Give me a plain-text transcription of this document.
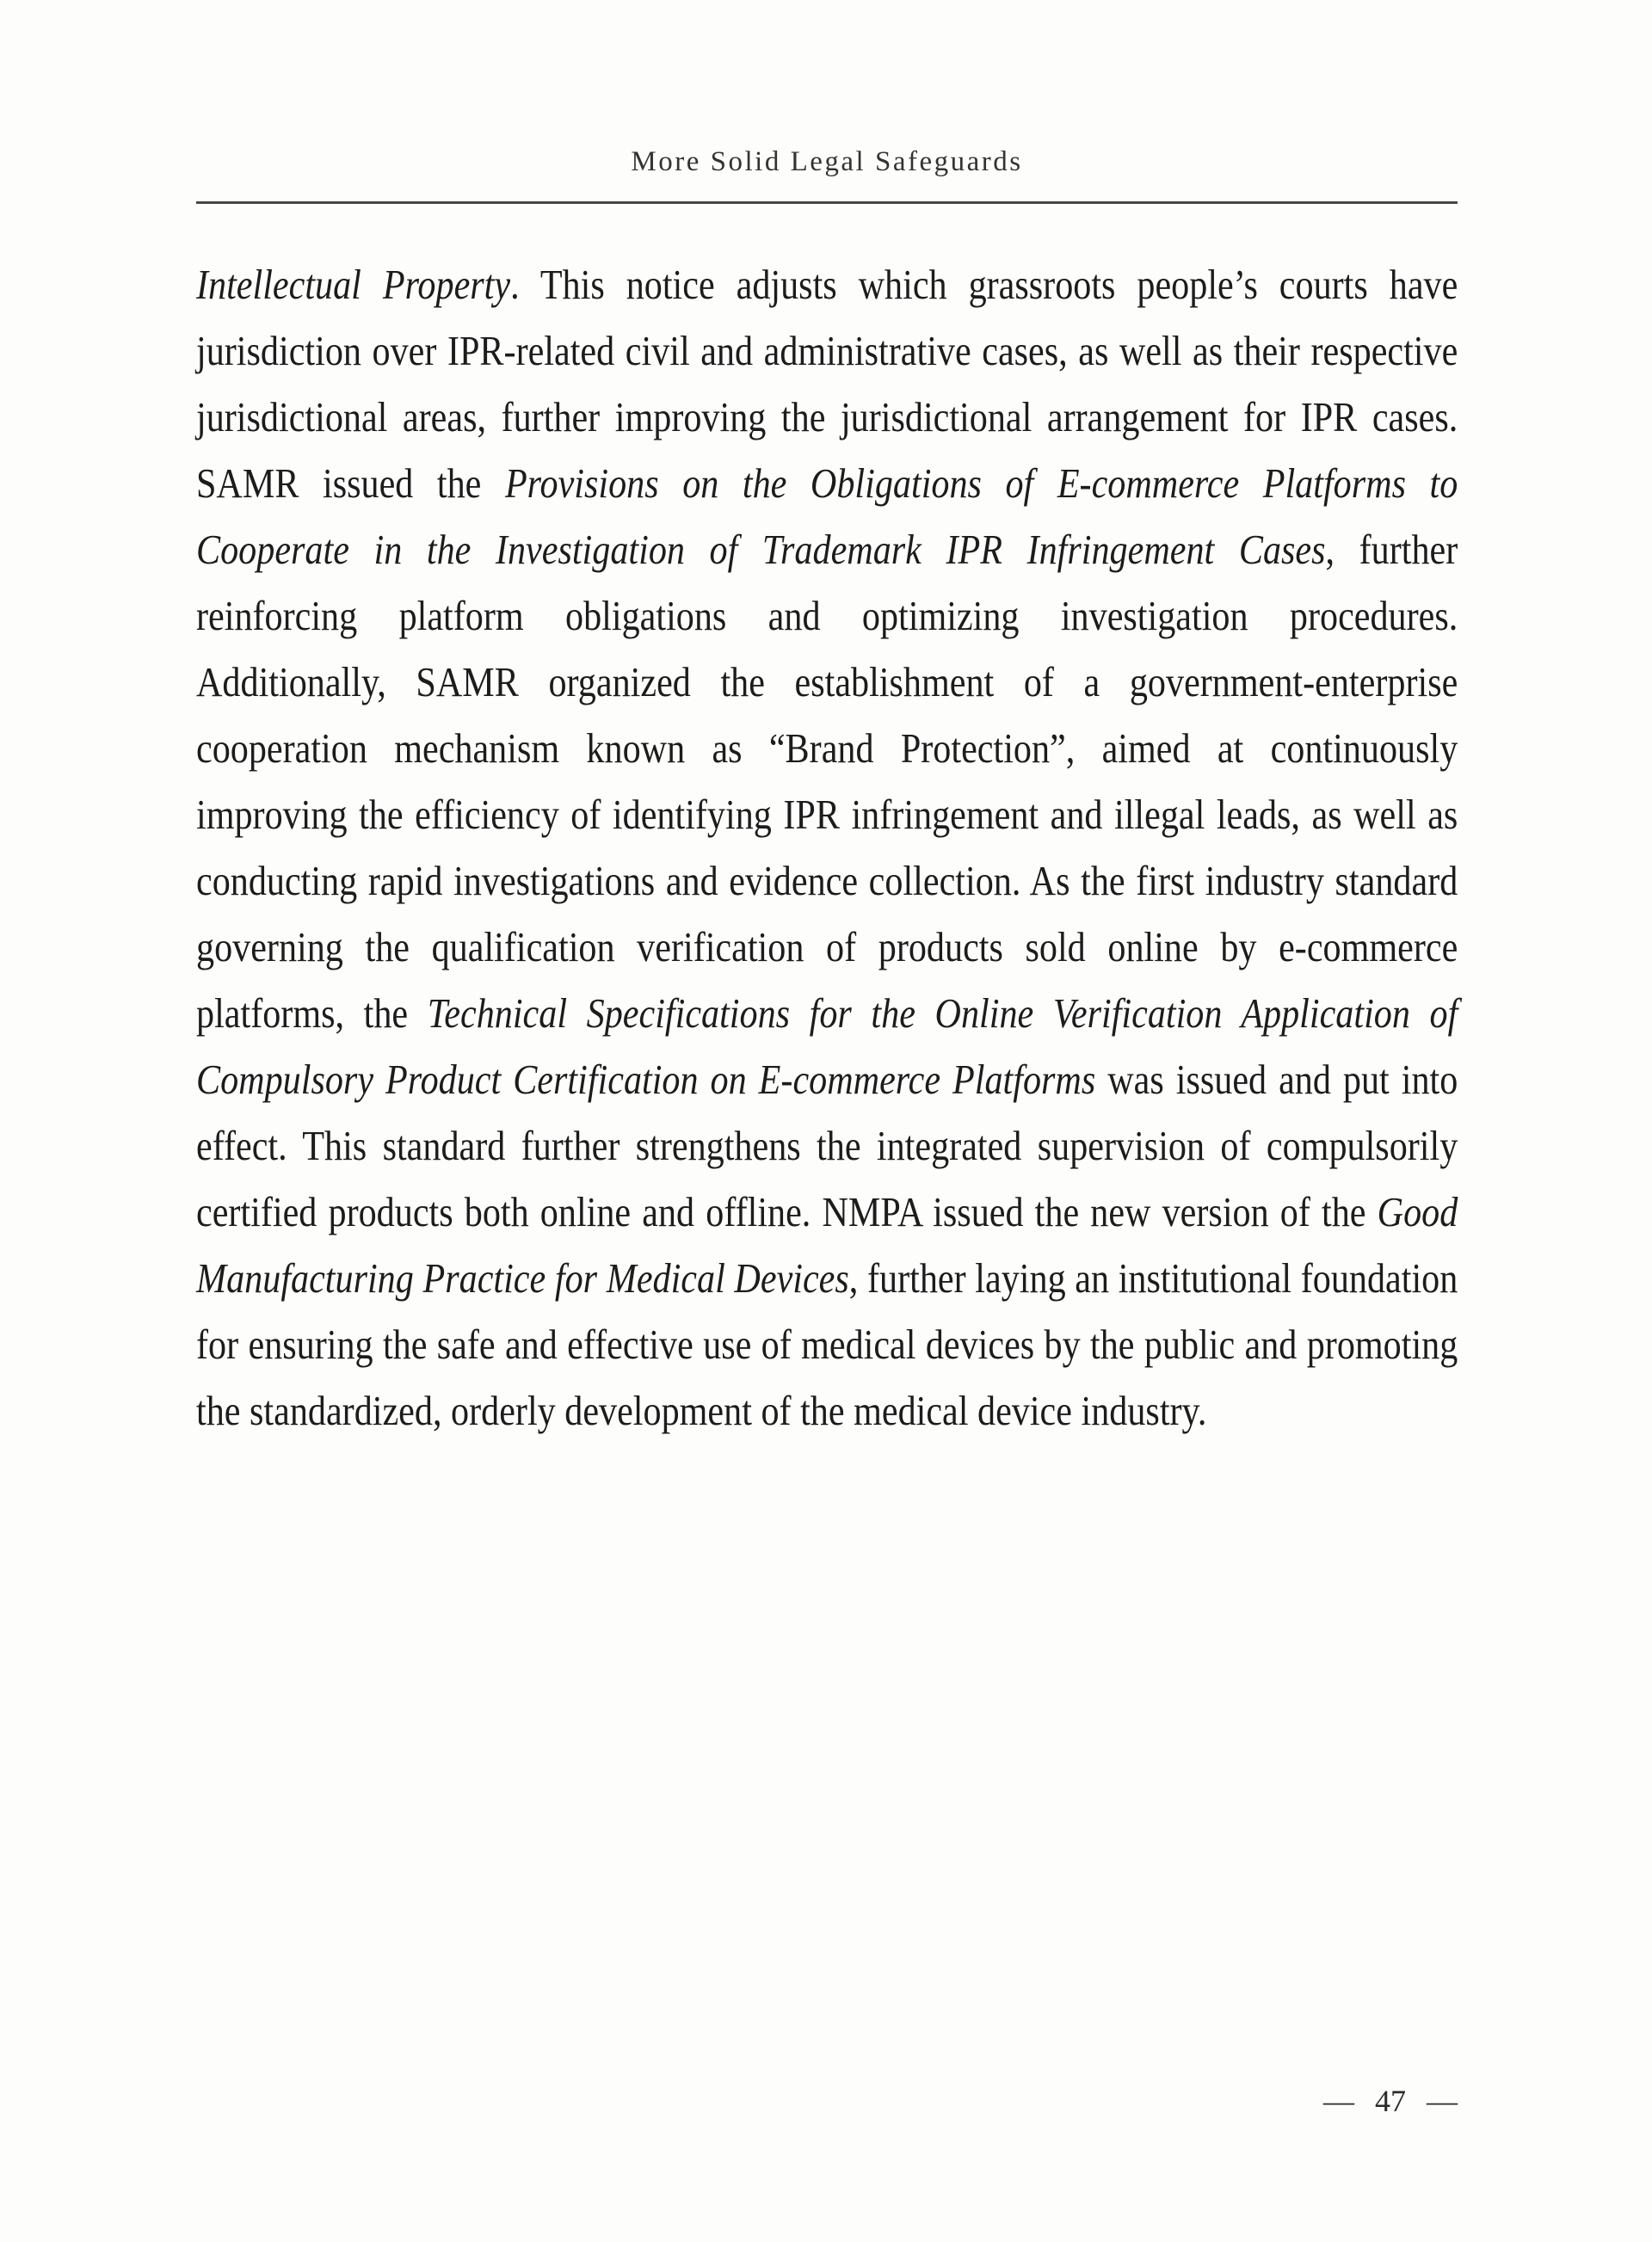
More Solid Legal Safeguards

Intellectual Property. This notice adjusts which grassroots people’s courts have jurisdiction over IPR-related civil and administrative cases, as well as their respective jurisdictional areas, further improving the jurisdictional arrangement for IPR cases. SAMR issued the Provisions on the Obligations of E-commerce Platforms to Cooperate in the Investigation of Trademark IPR Infringement Cases, further reinforcing platform obligations and optimizing investigation procedures. Additionally, SAMR organized the establishment of a government-enterprise cooperation mechanism known as “Brand Protection”, aimed at continuously improving the efficiency of identifying IPR infringement and illegal leads, as well as conducting rapid investigations and evidence collection. As the first industry standard governing the qualification verification of products sold online by e-commerce platforms, the Technical Specifications for the Online Verification Application of Compulsory Product Certification on E-commerce Platforms was issued and put into effect. This standard further strengthens the integrated supervision of compulsorily certified products both online and offline. NMPA issued the new version of the Good Manufacturing Practice for Medical Devices, further laying an institutional foundation for ensuring the safe and effective use of medical devices by the public and promoting the standardized, orderly development of the medical device industry.

— 47 —
